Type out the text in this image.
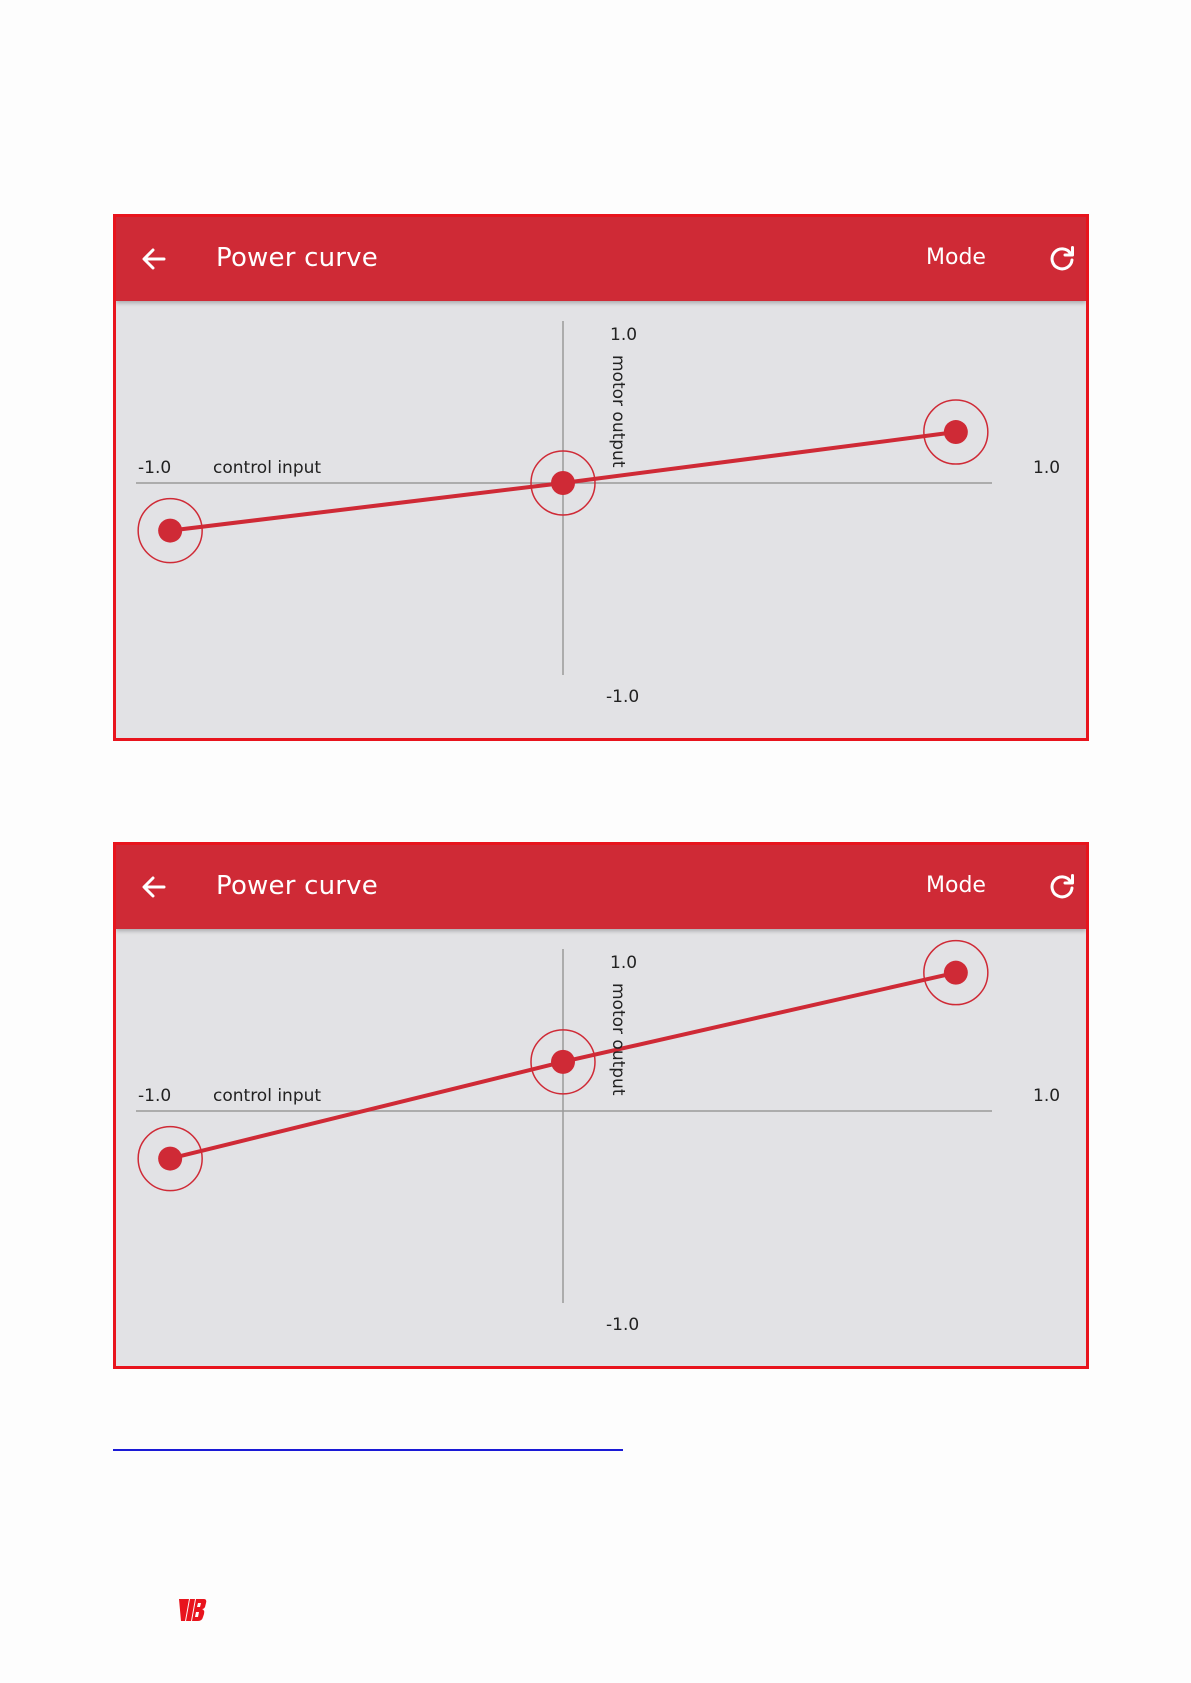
Power curve	Mode
-1.0 control input	1.0
1.0
-1.0
motor output
Power curve	Mode
-1.0 control input	1.0
1.0
-1.0
motor output
